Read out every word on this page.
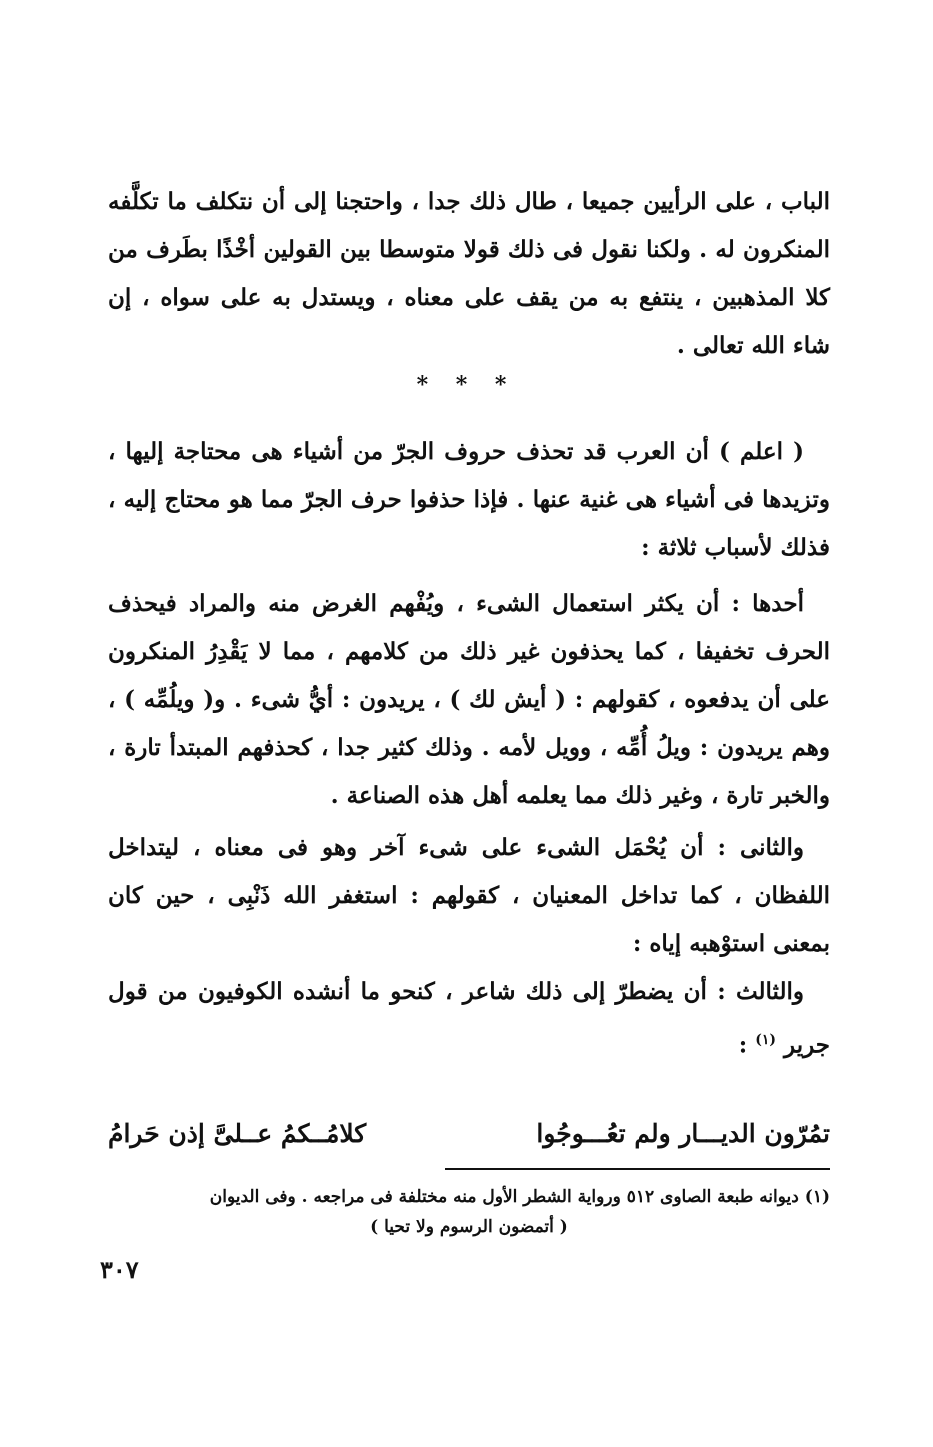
الباب ، على الرأيين جميعا ، طال ذلك جدا ، واحتجنا إلى أن نتكلف ما تكلَّفه المنكرون له . ولكنا نقول فى ذلك قولا متوسطا بين القولين أخْذًا بطَرف من كلا المذهبين ، ينتفع به من يقف على معناه ، ويستدل به على سواه ، إن شاء الله تعالى .
* * *
( اعلم ) أن العرب قد تحذف حروف الجرّ من أشياء هى محتاجة إليها ، وتزيدها فى أشياء هى غنية عنها . فإذا حذفوا حرف الجرّ مما هو محتاج إليه ، فذلك لأسباب ثلاثة :
أحدها : أن يكثر استعمال الشىء ، ويُفْهم الغرض منه والمراد فيحذف الحرف تخفيفا ، كما يحذفون غير ذلك من كلامهم ، مما لا يَقْدِرُ المنكرون على أن يدفعوه ، كقولهم : ( أيش لك ) ، يريدون : أيُّ شىء . و( ويلُمِّه ) ، وهم يريدون : ويلُ أُمِّه ، وويل لأمه . وذلك كثير جدا ، كحذفهم المبتدأ تارة ، والخبر تارة ، وغير ذلك مما يعلمه أهل هذه الصناعة .
والثانى : أن يُحْمَل الشىء على شىء آخر وهو فى معناه ، ليتداخل اللفظان ، كما تداخل المعنيان ، كقولهم : استغفر الله ذَنْبِى ، حين كان بمعنى استوْهبه إياه :
والثالث : أن يضطرّ إلى ذلك شاعر ، كنحو ما أنشده الكوفيون من قول جرير $^{(١)}$ :
تمُرّون الديـــار ولم تعُـــوجُوا
كلامُــكمُ عــلىَّ إذن حَرامُ
(١) ديوانه طبعة الصاوى ٥١٢ ورواية الشطر الأول منه مختلفة فى مراجعه . وفى الديوان
( أتمضون الرسوم ولا تحيا )
٣٠٧
